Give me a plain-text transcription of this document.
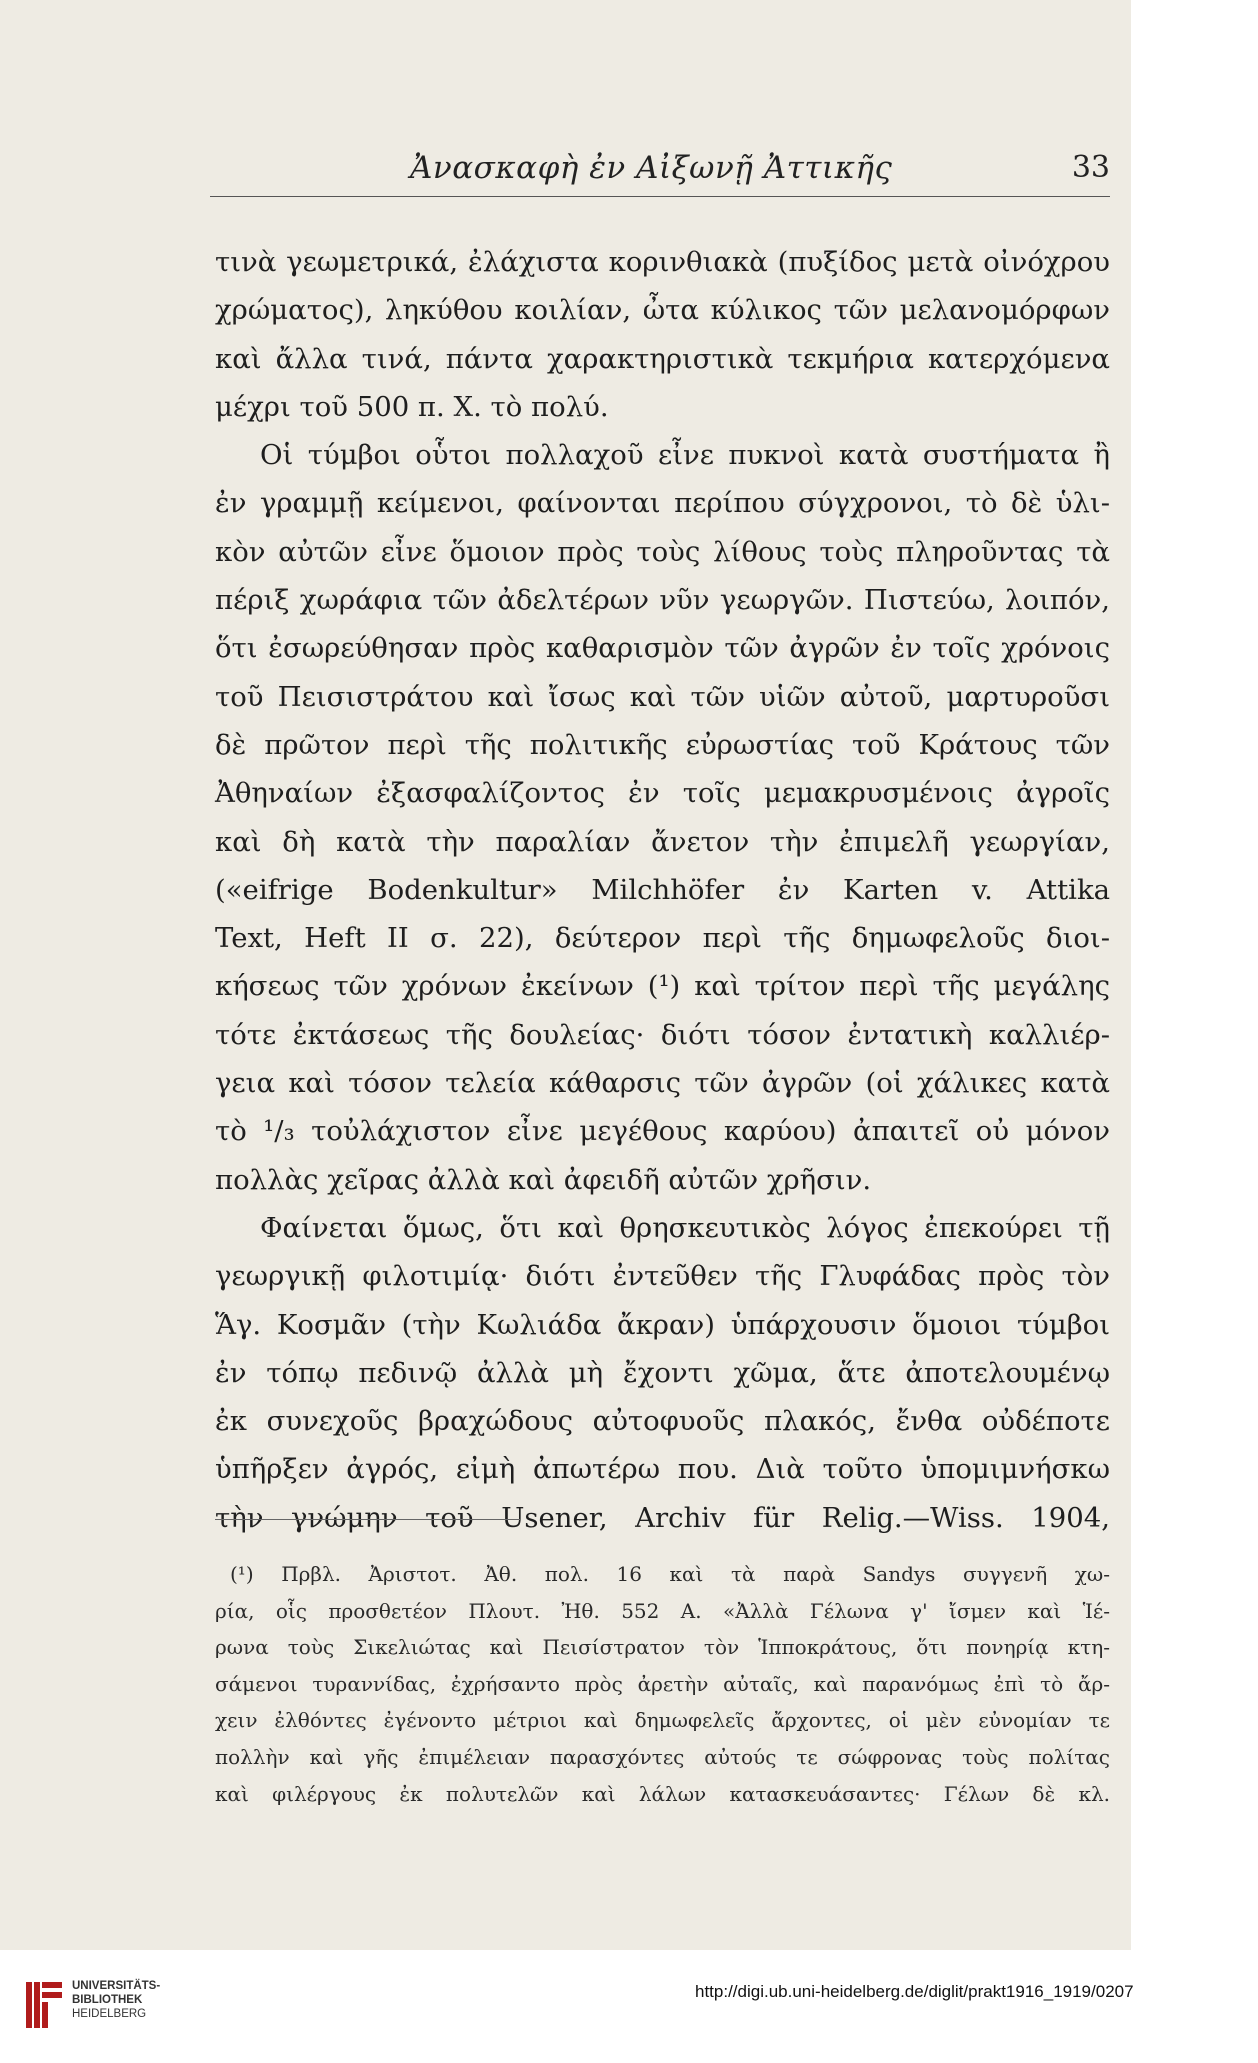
Ἀνασκαφὴ ἐν Αἰξωνῇ Ἀττικῆς	33
τινὰ γεωμετρικά, ἐλάχιστα κορινθιακὰ (πυξίδος μετὰ οἰνόχρου
χρώματος), ληκύθου κοιλίαν, ὦτα κύλικος τῶν μελανομόρφων
καὶ ἄλλα τινά, πάντα χαρακτηριστικὰ τεκμήρια κατερχόμενα
μέχρι τοῦ 500 π. Χ. τὸ πολύ.
Οἱ τύμβοι οὗτοι πολλαχοῦ εἶνε πυκνοὶ κατὰ συστήματα ἢ
ἐν γραμμῇ κείμενοι, φαίνονται περίπου σύγχρονοι, τὸ δὲ ὑλι-
κὸν αὐτῶν εἶνε ὅμοιον πρὸς τοὺς λίθους τοὺς πληροῦντας τὰ
πέριξ χωράφια τῶν ἀδελτέρων νῦν γεωργῶν. Πιστεύω, λοιπόν,
ὅτι ἐσωρεύθησαν πρὸς καθαρισμὸν τῶν ἀγρῶν ἐν τοῖς χρόνοις
τοῦ Πεισιστράτου καὶ ἴσως καὶ τῶν υἱῶν αὐτοῦ, μαρτυροῦσι
δὲ πρῶτον περὶ τῆς πολιτικῆς εὐρωστίας τοῦ Κράτους τῶν
Ἀθηναίων ἐξασφαλίζοντος ἐν τοῖς μεμακρυσμένοις ἀγροῖς
καὶ δὴ κατὰ τὴν παραλίαν ἄνετον τὴν ἐπιμελῆ γεωργίαν,
(«eifrige Bodenkultur» Milchhöfer ἐν Karten v. Attika
Text, Heft II σ. 22), δεύτερον περὶ τῆς δημωφελοῦς διοι-
κήσεως τῶν χρόνων ἐκείνων (¹) καὶ τρίτον περὶ τῆς μεγάλης
τότε ἐκτάσεως τῆς δουλείας· διότι τόσον ἐντατικὴ καλλιέρ-
γεια καὶ τόσον τελεία κάθαρσις τῶν ἀγρῶν (οἱ χάλικες κατὰ
τὸ ¹/₃ τοὐλάχιστον εἶνε μεγέθους καρύου) ἀπαιτεῖ οὐ μόνον
πολλὰς χεῖρας ἀλλὰ καὶ ἀφειδῆ αὐτῶν χρῆσιν.
Φαίνεται ὅμως, ὅτι καὶ θρησκευτικὸς λόγος ἐπεκούρει τῇ
γεωργικῇ φιλοτιμίᾳ· διότι ἐντεῦθεν τῆς Γλυφάδας πρὸς τὸν
Ἅγ. Κοσμᾶν (τὴν Κωλιάδα ἄκραν) ὑπάρχουσιν ὅμοιοι τύμβοι
ἐν τόπῳ πεδινῷ ἀλλὰ μὴ ἔχοντι χῶμα, ἅτε ἀποτελουμένῳ
ἐκ συνεχοῦς βραχώδους αὐτοφυοῦς πλακός, ἔνθα οὐδέποτε
ὑπῆρξεν ἀγρός, εἰμὴ ἀπωτέρω που. Διὰ τοῦτο ὑπομιμνήσκω
τὴν γνώμην τοῦ Usener, Archiv für Relig.—Wiss. 1904,
(¹) Πρβλ. Ἀριστοτ. Ἀθ. πολ. 16 καὶ τὰ παρὰ Sandys συγγενῆ χω-
ρία, οἷς προσθετέον Πλουτ. Ἠθ. 552 A. «Ἀλλὰ Γέλωνα γ' ἴσμεν καὶ Ἱέ-
ρωνα τοὺς Σικελιώτας καὶ Πεισίστρατον τὸν Ἱπποκράτους, ὅτι πονηρίᾳ κτη-
σάμενοι τυραννίδας, ἐχρήσαντο πρὸς ἀρετὴν αὐταῖς, καὶ παρανόμως ἐπὶ τὸ ἄρ-
χειν ἐλθόντες ἐγένοντο μέτριοι καὶ δημωφελεῖς ἄρχοντες, οἱ μὲν εὐνομίαν τε
πολλὴν καὶ γῆς ἐπιμέλειαν παρασχόντες αὐτούς τε σώφρονας τοὺς πολίτας
καὶ φιλέργους ἐκ πολυτελῶν καὶ λάλων κατασκευάσαντες· Γέλων δὲ κλ.
UNIVERSITÄTS-
BIBLIOTHEK
HEIDELBERG
http://digi.ub.uni-heidelberg.de/diglit/prakt1916_1919/0207
